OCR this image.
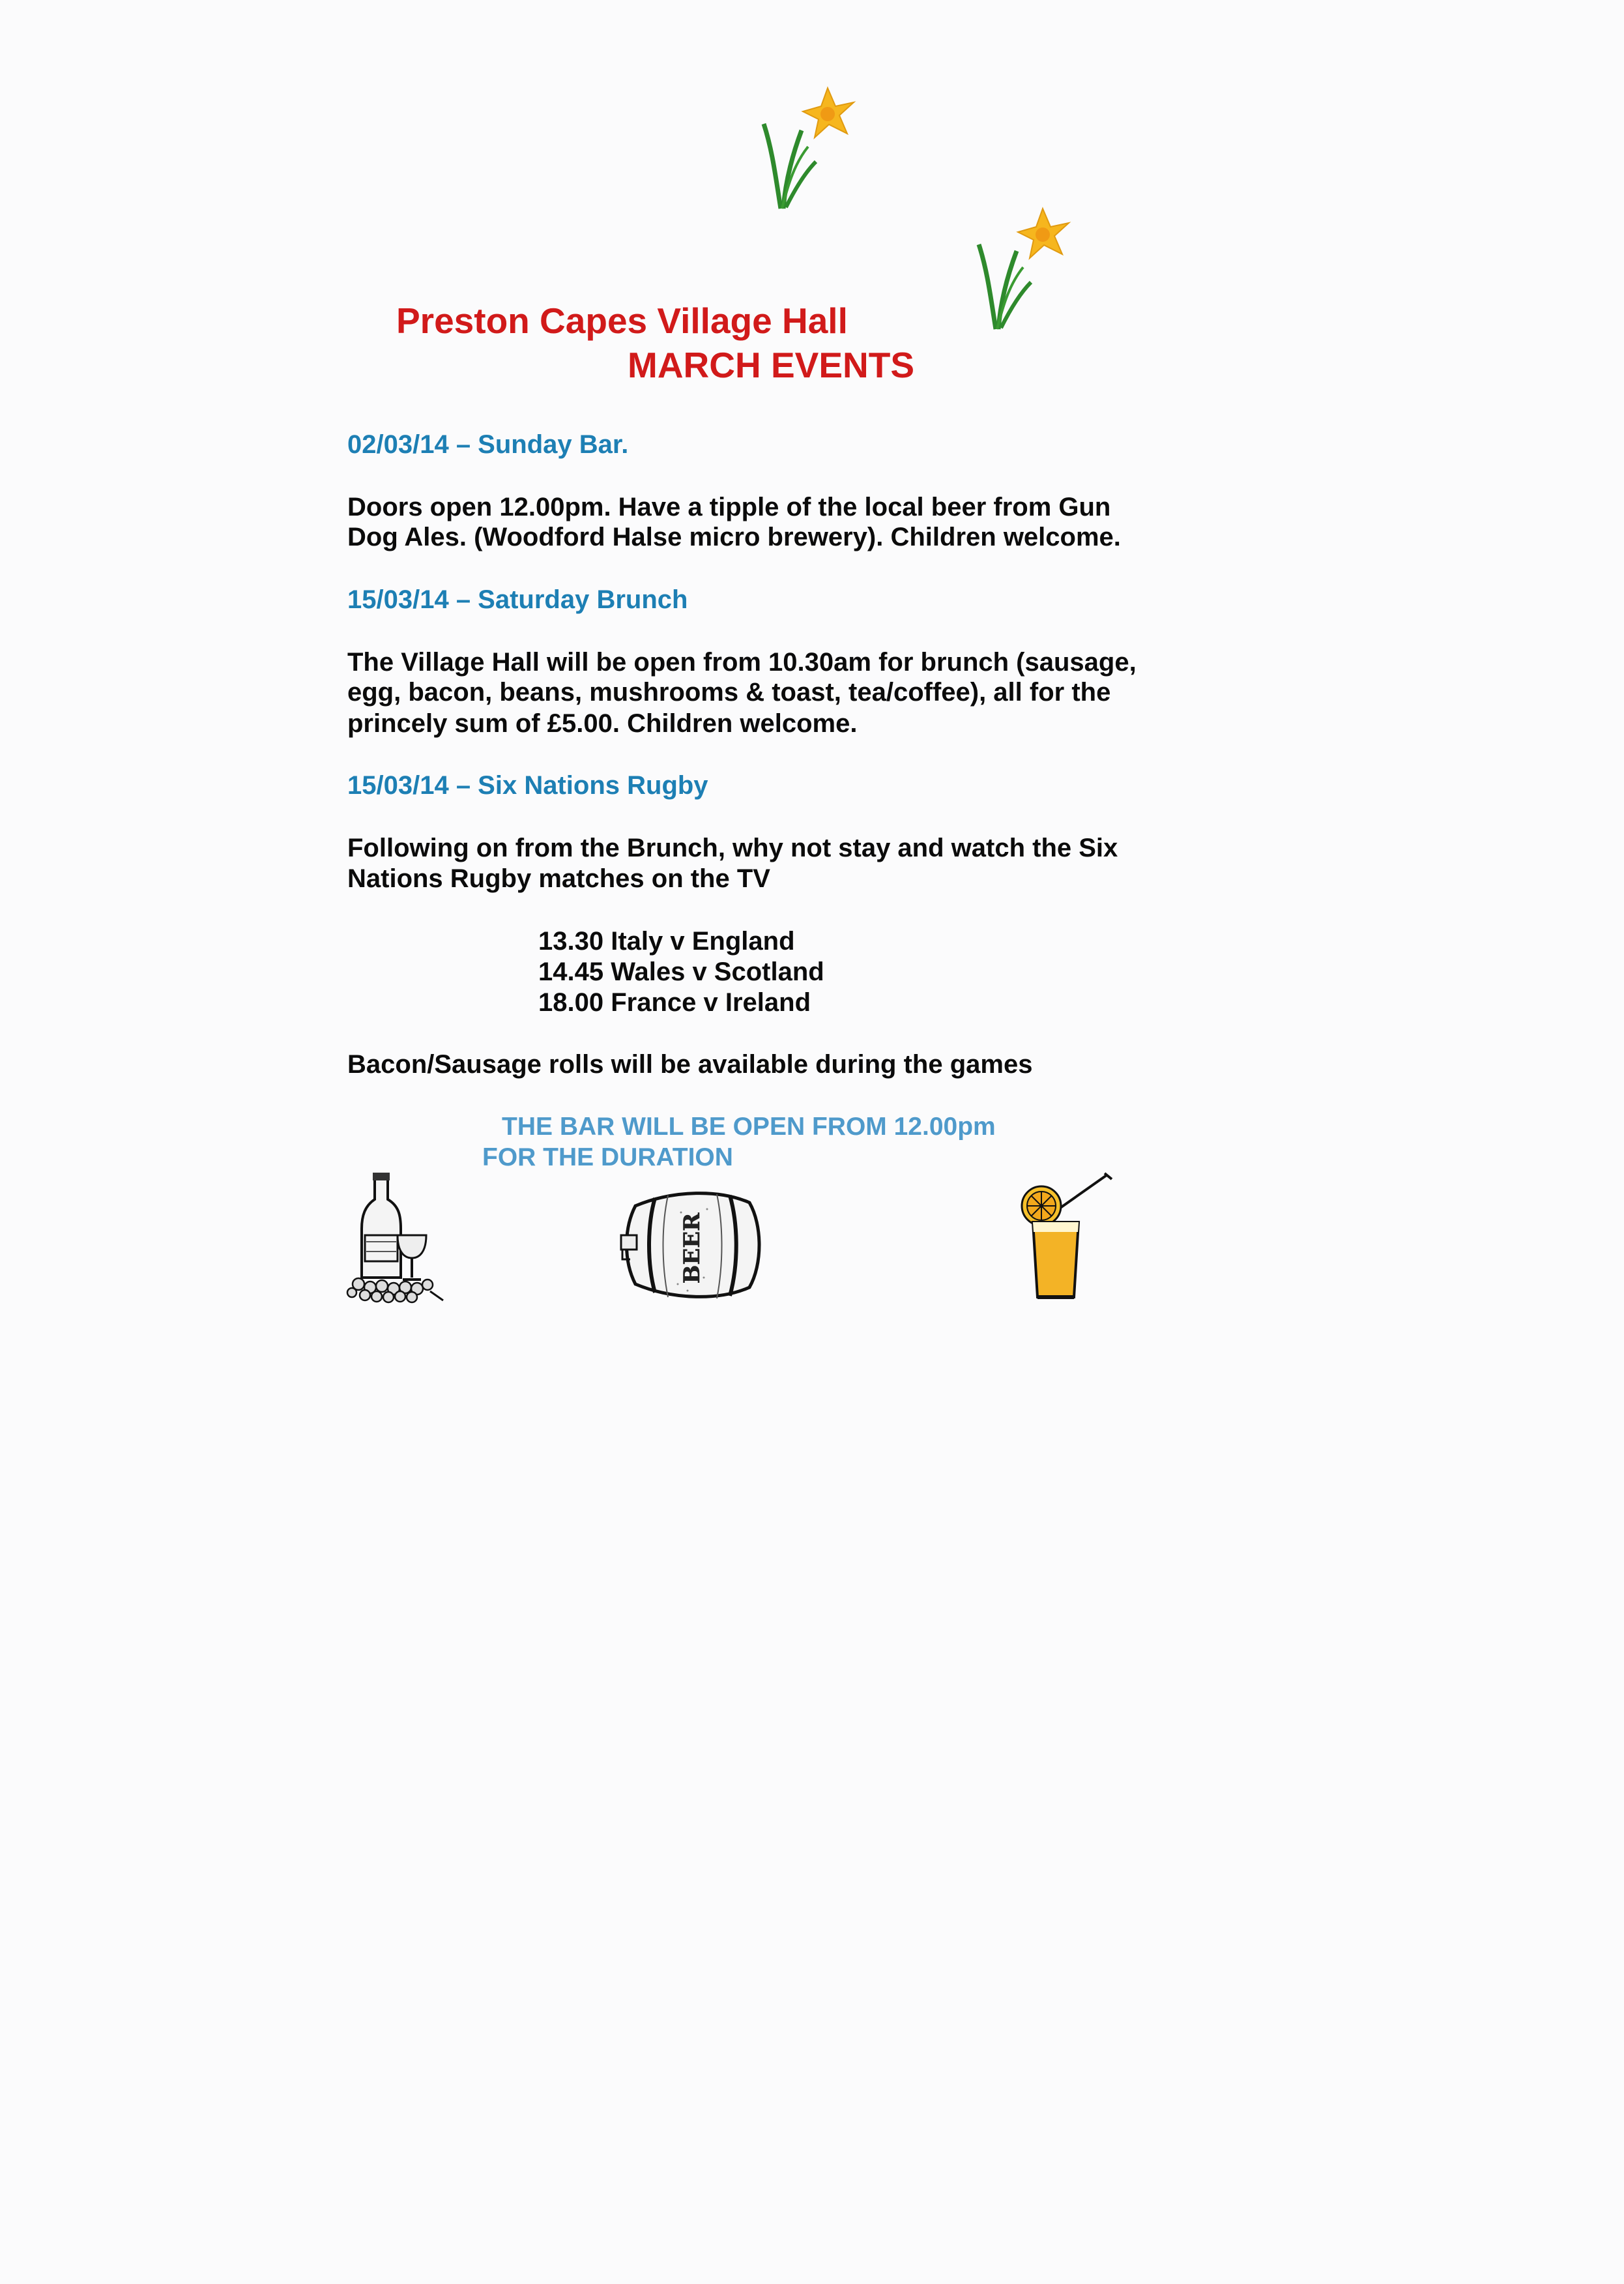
Preston Capes Village Hall
MARCH EVENTS
02/03/14 – Sunday Bar.
Doors open 12.00pm. Have a tipple of the local beer from Gun
Dog Ales. (Woodford Halse micro brewery). Children welcome.
15/03/14 – Saturday Brunch
The Village Hall will be open from 10.30am for brunch (sausage,
egg, bacon, beans, mushrooms & toast, tea/coffee), all for the
princely sum of £5.00. Children welcome.
15/03/14 – Six Nations Rugby
Following on from the Brunch, why not stay and watch the Six
Nations Rugby matches on the TV
13.30 Italy v England
14.45 Wales v Scotland
18.00 France v Ireland
Bacon/Sausage rolls will be available during the games
THE BAR WILL BE OPEN FROM 12.00pm
FOR THE DURATION
BEER
